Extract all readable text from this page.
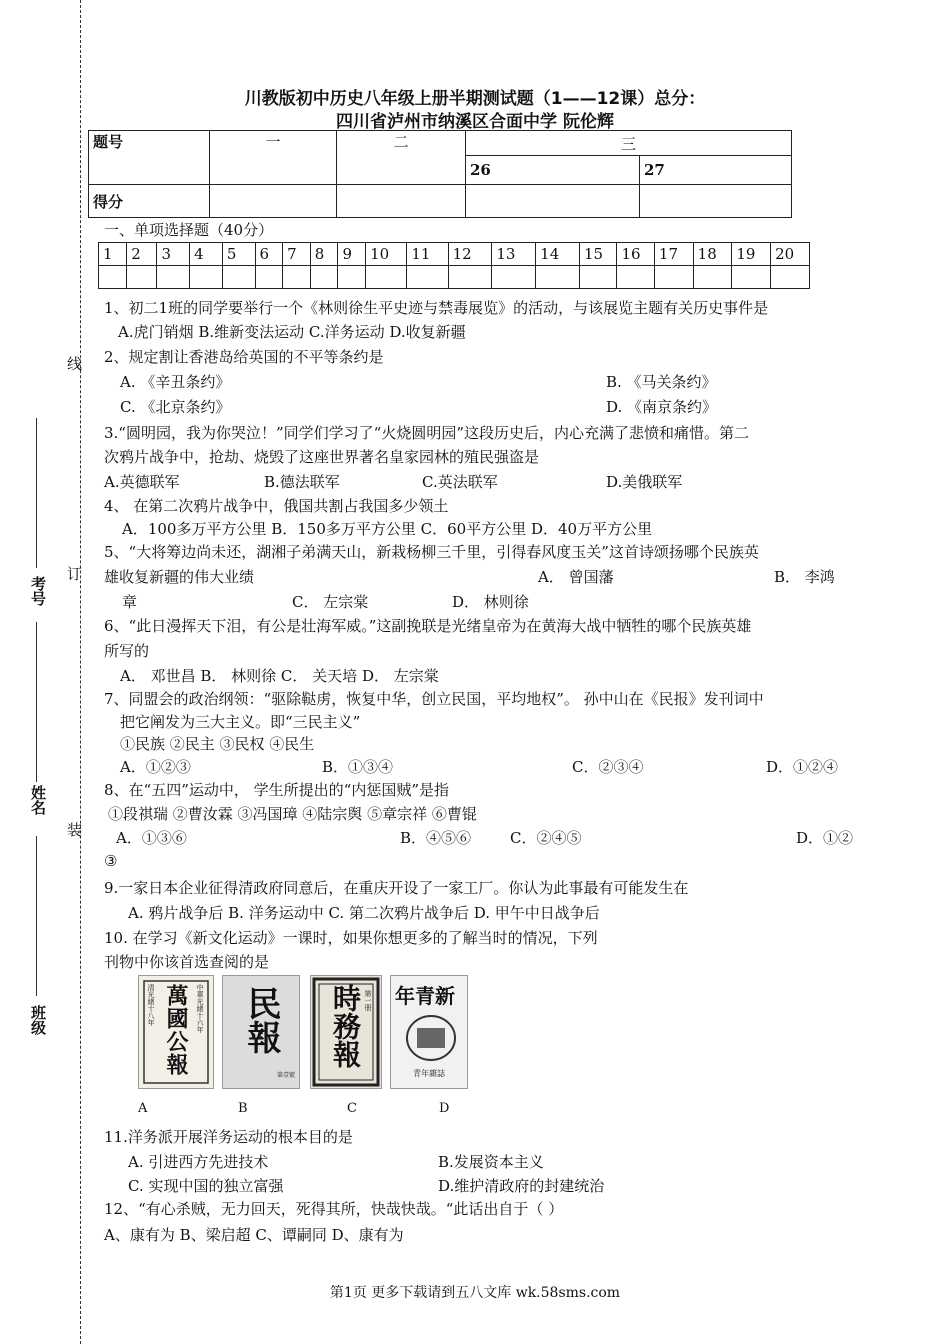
线
订
装
考号
姓名
班级
川教版初中历史八年级上册半期测试题（1——12课）总分：
四川省泸州市纳溪区合面中学 阮伦辉
题号	一	二	三	
			26	27
得分				
一、单项选择题（40分）
1	2	3	4	5	6	7	8	9	10	11	12	13	14	15	16	17	18	19	20

1、初二1班的同学要举行一个《林则徐生平史迹与禁毒展览》的活动，与该展览主题有关历史事件是
A.虎门销烟 B.维新变法运动 C.洋务运动 D.收复新疆
2、规定割让香港岛给英国的不平等条约是
A. 《辛丑条约》	B. 《马关条约》
C. 《北京条约》	D. 《南京条约》
3.“圆明园，我为你哭泣！”同学们学习了“火烧圆明园”这段历史后，内心充满了悲愤和痛惜。第二
次鸦片战争中，抢劫、烧毁了这座世界著名皇家园林的殖民强盗是
A.英德联军	B.德法联军	C.英法联军	D.美俄联军
4、 在第二次鸦片战争中，俄国共割占我国多少领土
A．100多万平方公里 B．150多万平方公里 C．60平方公里 D．40万平方公里
5、“大将筹边尚未还，湖湘子弟满天山，新栽杨柳三千里，引得春风度玉关”这首诗颂扬哪个民族英
雄收复新疆的伟大业绩	A． 曾国藩	B． 李鸿
章	C． 左宗棠	D． 林则徐
6、“此日漫挥天下泪，有公是壮海军威。”这副挽联是光绪皇帝为在黄海大战中牺牲的哪个民族英雄
所写的
A． 邓世昌 B． 林则徐 C． 关天培 D． 左宗棠
7、同盟会的政治纲领：“驱除鞑虏，恢复中华，创立民国，平均地权”。 孙中山在《民报》发刊词中
把它阐发为三大主义。即“三民主义”
①民族 ②民主 ③民权 ④民生
A．①②③	B．①③④	C．②③④	D．①②④
8、在“五四”运动中， 学生所提出的“内惩国贼”是指
①段祺瑞 ②曹汝霖 ③冯国璋 ④陆宗舆 ⑤章宗祥 ⑥曹锟
A．①③⑥	B．④⑤⑥	C．②④⑤	D．①②
③
9.一家日本企业征得清政府同意后，在重庆开设了一家工厂。你认为此事最有可能发生在
A. 鸦片战争后 B. 洋务运动中 C. 第二次鸦片战争后 D. 甲午中日战争后
10. 在学习《新文化运动》一课时，如果你想更多的了解当时的情况，下列
刊物中你该首选查阅的是
清光緒十八年	中華光緒十六年
萬國公報 民報
第壹號
時務報 第一册 新青年
青年雜誌
A	B	C	D
11.洋务派开展洋务运动的根本目的是
A. 引进西方先进技术	B.发展资本主义
C. 实现中国的独立富强	D.维护清政府的封建统治
12、“有心杀贼，无力回天，死得其所，快哉快哉。“此话出自于（ ）
A、康有为 B、梁启超 C、谭嗣同 D、康有为
第1页 更多下载请到五八文库 wk.58sms.com
